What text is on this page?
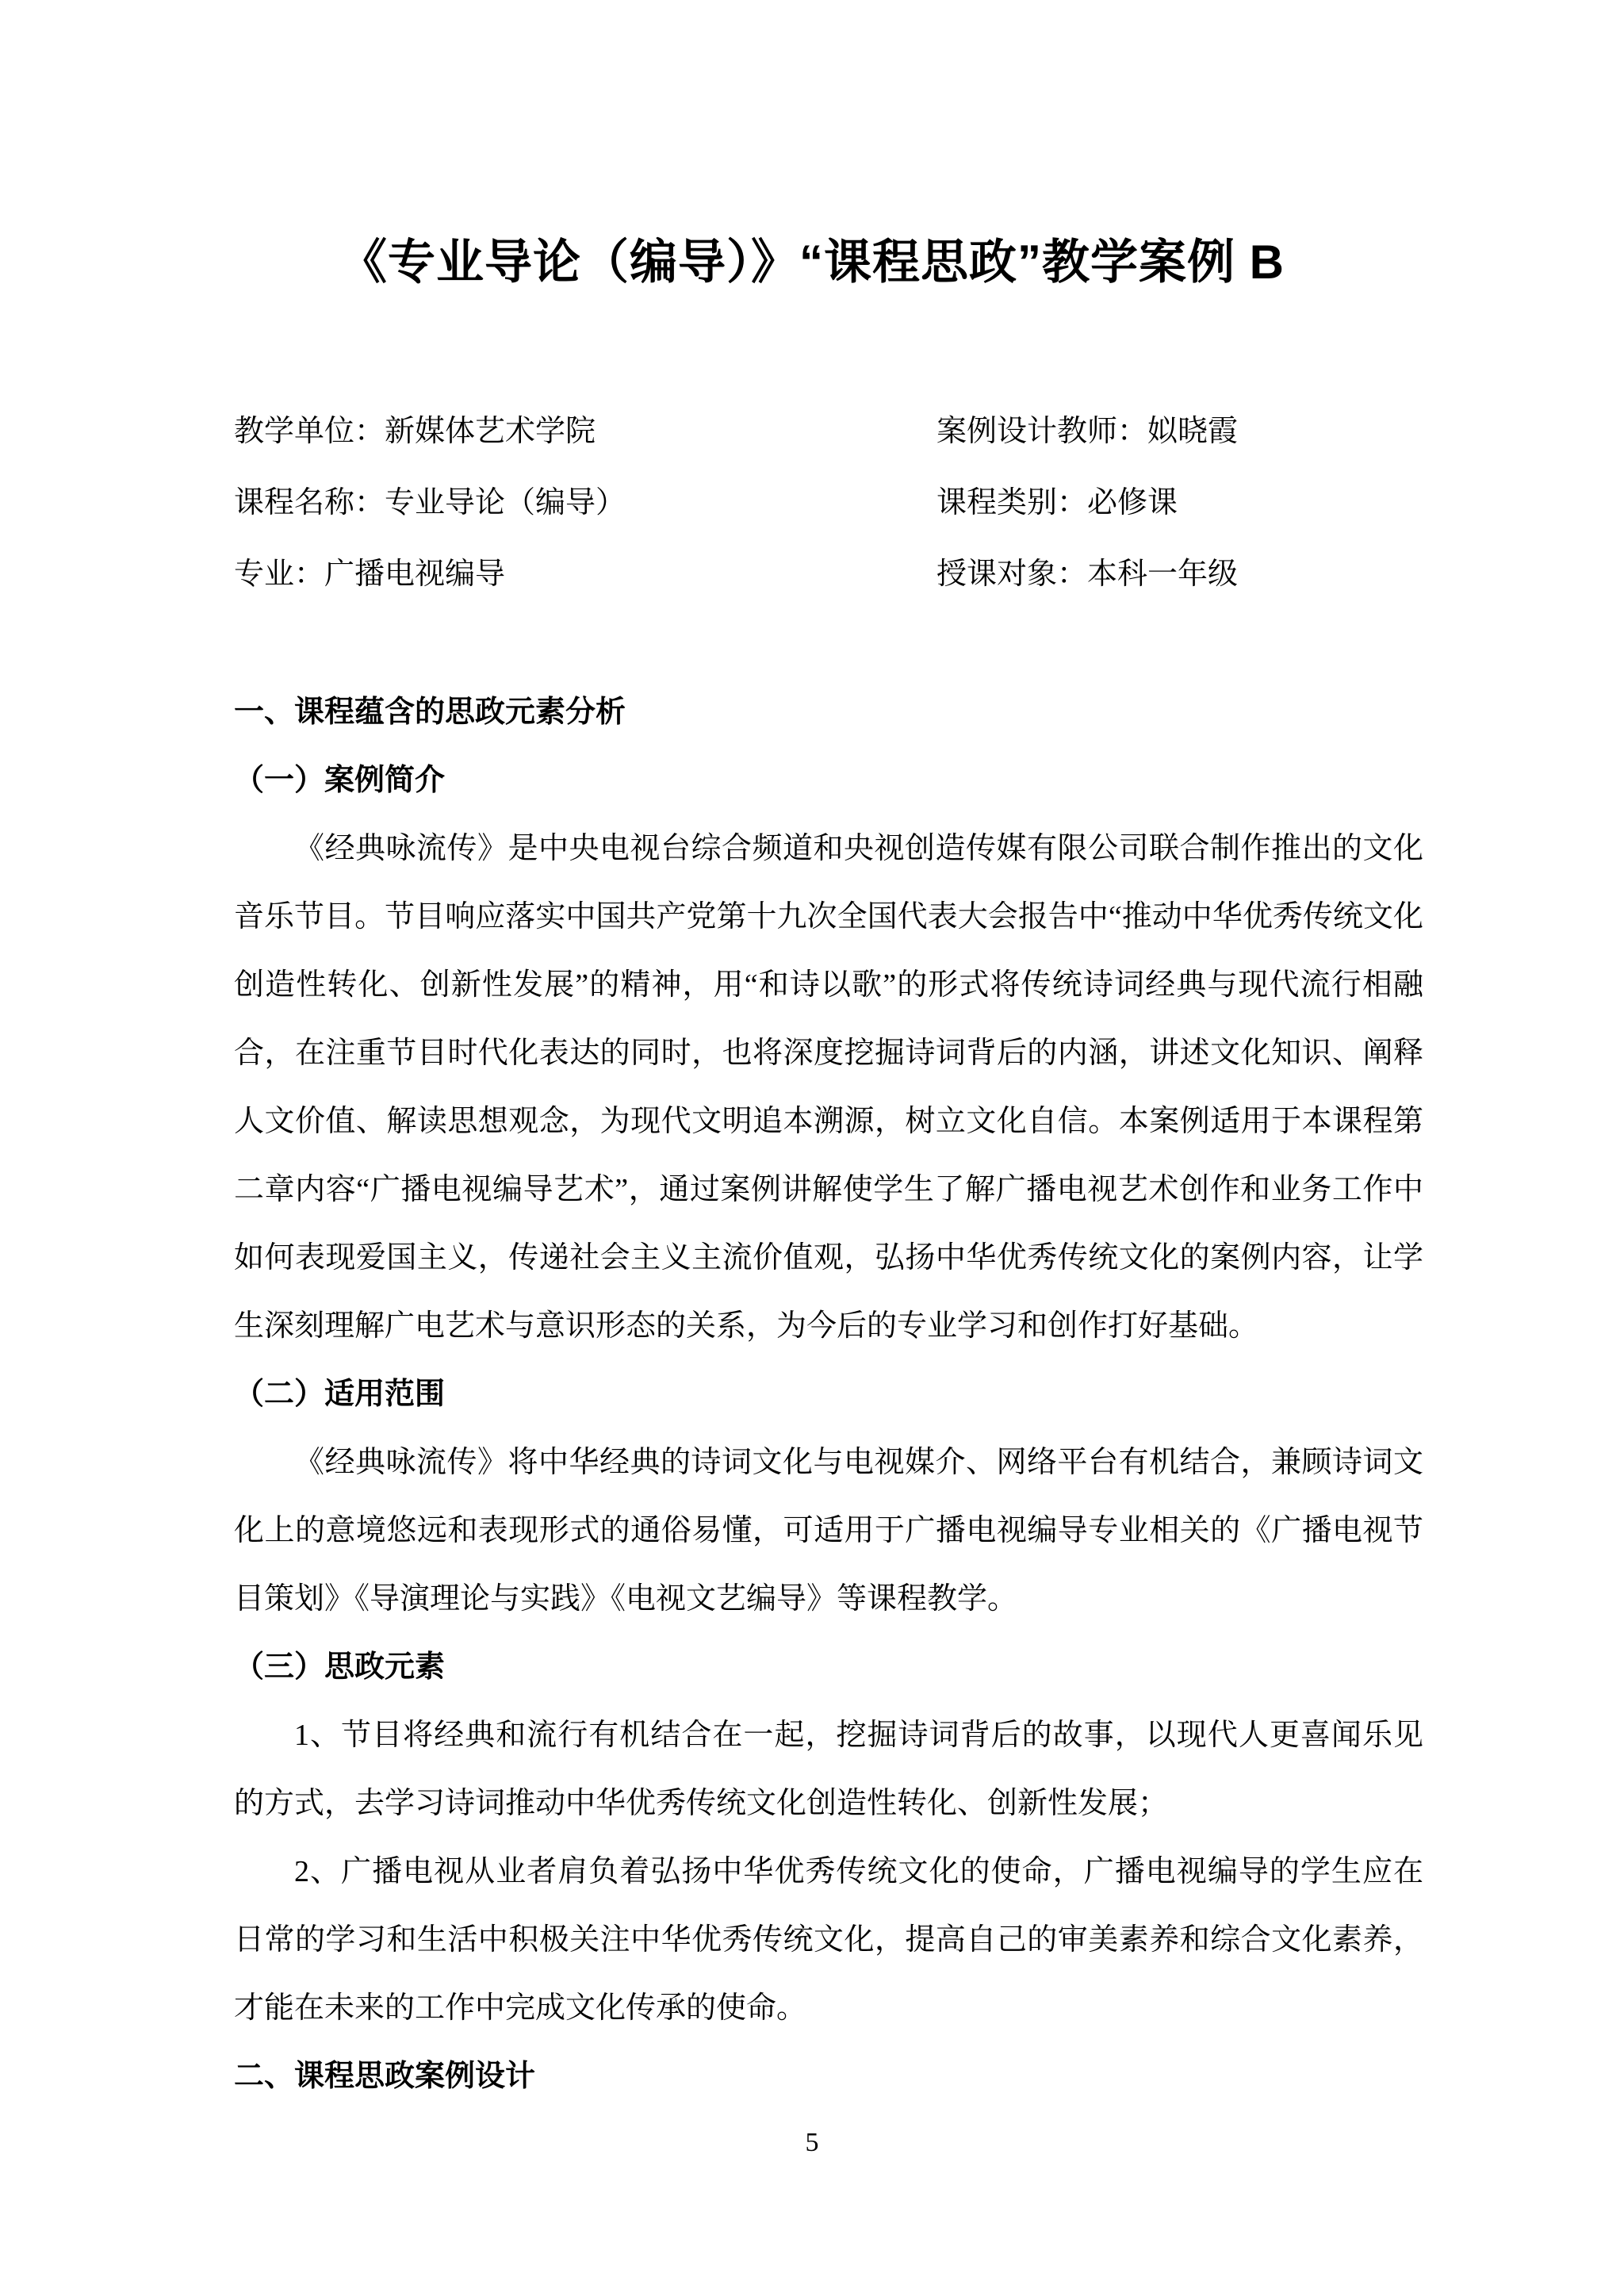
《专业导论（编导）》“课程思政”教学案例 B
教学单位：新媒体艺术学院	案例设计教师：姒晓霞
课程名称：专业导论（编导）	课程类别：必修课
专业：广播电视编导	授课对象：本科一年级

一、课程蕴含的思政元素分析

（一）案例简介

《经典咏流传》是中央电视台综合频道和央视创造传媒有限公司联合制作推出的文化音乐节目。节目响应落实中国共产党第十九次全国代表大会报告中“推动中华优秀传统文化创造性转化、创新性发展”的精神，用“和诗以歌”的形式将传统诗词经典与现代流行相融合，在注重节目时代化表达的同时，也将深度挖掘诗词背后的内涵，讲述文化知识、阐释人文价值、解读思想观念，为现代文明追本溯源，树立文化自信。本案例适用于本课程第二章内容“广播电视编导艺术”，通过案例讲解使学生了解广播电视艺术创作和业务工作中如何表现爱国主义，传递社会主义主流价值观，弘扬中华优秀传统文化的案例内容，让学生深刻理解广电艺术与意识形态的关系，为今后的专业学习和创作打好基础。

（二）适用范围

《经典咏流传》将中华经典的诗词文化与电视媒介、网络平台有机结合，兼顾诗词文化上的意境悠远和表现形式的通俗易懂，可适用于广播电视编导专业相关的《广播电视节目策划》《导演理论与实践》《电视文艺编导》等课程教学。

（三）思政元素

1、节目将经典和流行有机结合在一起，挖掘诗词背后的故事，以现代人更喜闻乐见的方式，去学习诗词推动中华优秀传统文化创造性转化、创新性发展；

2、广播电视从业者肩负着弘扬中华优秀传统文化的使命，广播电视编导的学生应在日常的学习和生活中积极关注中华优秀传统文化，提高自己的审美素养和综合文化素养，才能在未来的工作中完成文化传承的使命。

二、课程思政案例设计

5
